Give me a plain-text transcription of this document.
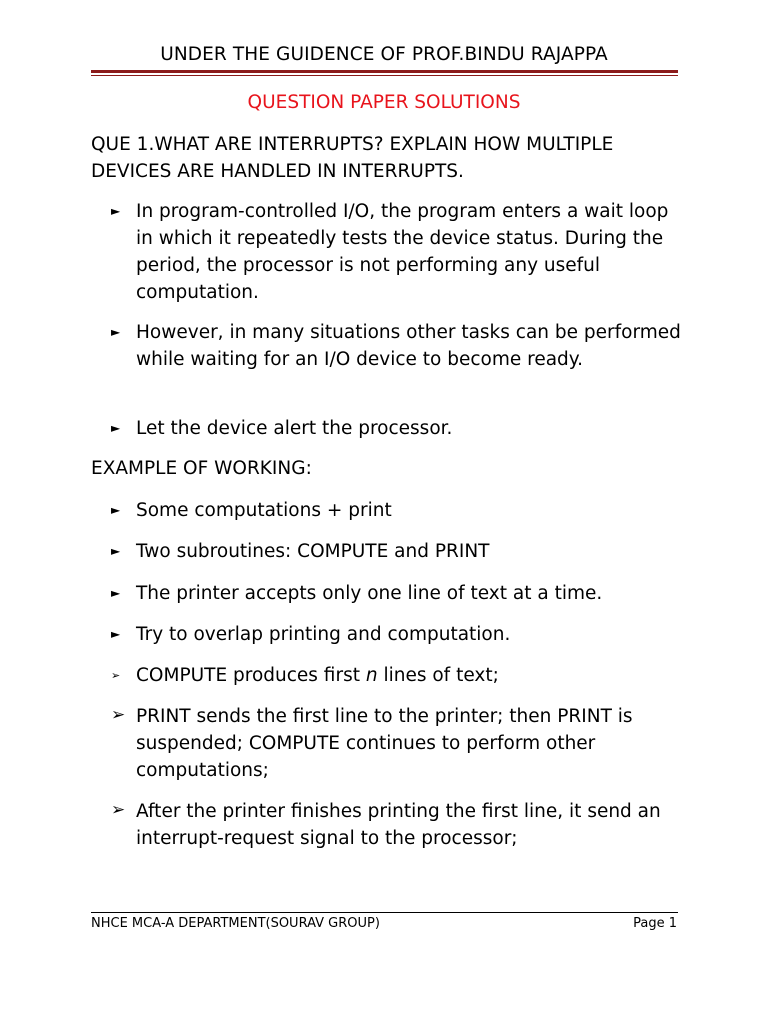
UNDER THE GUIDENCE OF PROF.BINDU RAJAPPA
QUESTION PAPER SOLUTIONS
QUE 1.WHAT ARE INTERRUPTS? EXPLAIN HOW MULTIPLE DEVICES ARE HANDLED IN INTERRUPTS.
► In program-controlled I/O, the program enters a wait loop in which it repeatedly tests the device status. During the period, the processor is not performing any useful computation.
► However, in many situations other tasks can be performed while waiting for an I/O device to become ready.
► Let the device alert the processor.
EXAMPLE OF WORKING:
► Some computations + print
► Two subroutines: COMPUTE and PRINT
► The printer accepts only one line of text at a time.
► Try to overlap printing and computation.
➢ COMPUTE produces first n lines of text;
➢ PRINT sends the first line to the printer; then PRINT is suspended; COMPUTE continues to perform other computations;
➢ After the printer finishes printing the first line, it send an interrupt-request signal to the processor;
NHCE MCA-A DEPARTMENT(SOURAV GROUP)	Page 1
